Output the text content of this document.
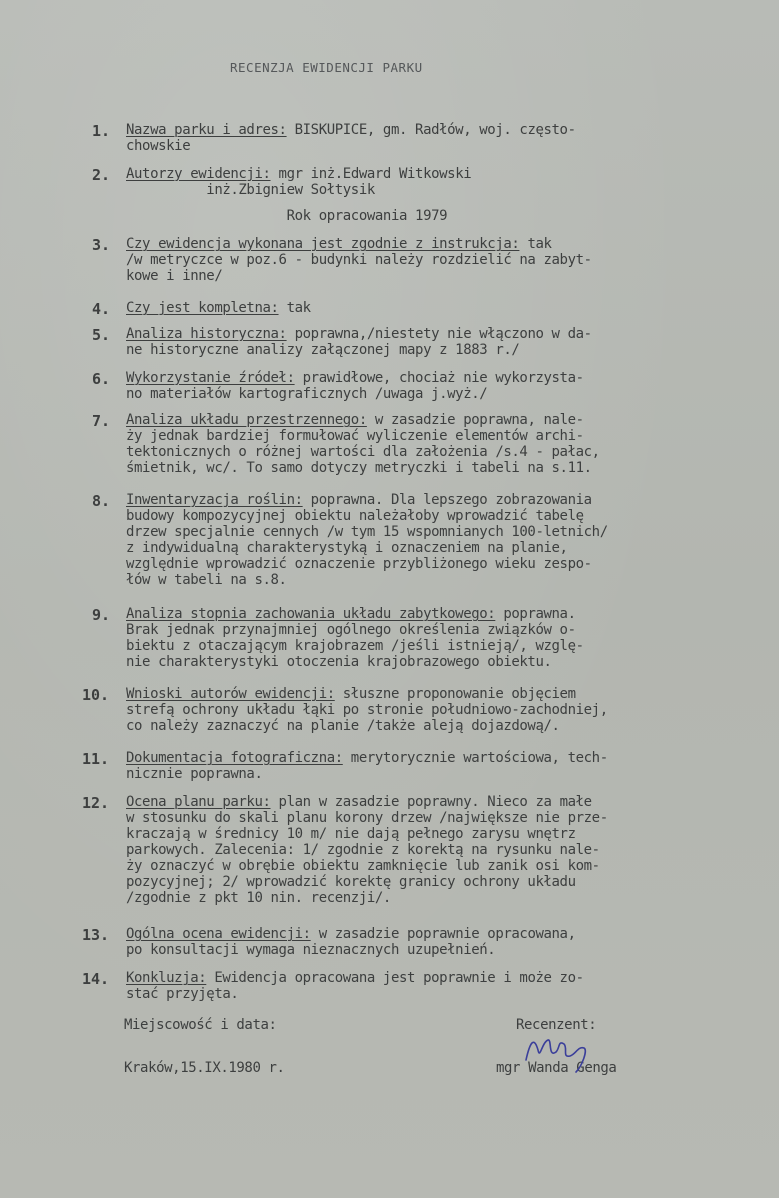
RECENZJA EWIDENCJI PARKU
1. Nazwa parku i adres: BISKUPICE, gm. Radłów, woj. często-
chowskie
2. Autorzy ewidencji: mgr inż.Edward Witkowski
inż.Zbigniew Sołtysik
Rok opracowania 1979
3. Czy ewidencja wykonana jest zgodnie z instrukcja: tak
/w metryczce w poz.6 - budynki należy rozdzielić na zabyt-
kowe i inne/
4. Czy jest kompletna: tak
5. Analiza historyczna: poprawna,/niestety nie włączono w da-
ne historyczne analizy załączonej mapy z 1883 r./
6. Wykorzystanie źródeł: prawidłowe, chociaż nie wykorzysta-
no materiałów kartograficznych /uwaga j.wyż./
7. Analiza układu przestrzennego: w zasadzie poprawna, nale-
ży jednak bardziej formułować wyliczenie elementów archi-
tektonicznych o różnej wartości dla założenia /s.4 - pałac,
śmietnik, wc/. To samo dotyczy metryczki i tabeli na s.11.
8. Inwentaryzacja roślin: poprawna. Dla lepszego zobrazowania
budowy kompozycyjnej obiektu należałoby wprowadzić tabelę
drzew specjalnie cennych /w tym 15 wspomnianych 100-letnich/
z indywidualną charakterystyką i oznaczeniem na planie,
względnie wprowadzić oznaczenie przybliżonego wieku zespo-
łów w tabeli na s.8.
9. Analiza stopnia zachowania układu zabytkowego: poprawna.
Brak jednak przynajmniej ogólnego określenia związków o-
biektu z otaczającym krajobrazem /jeśli istnieją/, wzglę-
nie charakterystyki otoczenia krajobrazowego obiektu.
10. Wnioski autorów ewidencji: słuszne proponowanie objęciem
strefą ochrony układu łąki po stronie południowo-zachodniej,
co należy zaznaczyć na planie /także aleją dojazdową/.
11. Dokumentacja fotograficzna: merytorycznie wartościowa, tech-
nicznie poprawna.
12. Ocena planu parku: plan w zasadzie poprawny. Nieco za małe
w stosunku do skali planu korony drzew /największe nie prze-
kraczają w średnicy 10 m/ nie dają pełnego zarysu wnętrz
parkowych. Zalecenia: 1/ zgodnie z korektą na rysunku nale-
ży oznaczyć w obrębie obiektu zamknięcie lub zanik osi kom-
pozycyjnej; 2/ wprowadzić korektę granicy ochrony układu
/zgodnie z pkt 10 nin. recenzji/.
13. Ogólna ocena ewidencji: w zasadzie poprawnie opracowana,
po konsultacji wymaga nieznacznych uzupełnień.
14. Konkluzja: Ewidencja opracowana jest poprawnie i może zo-
stać przyjęta.
Miejscowość i data:	Recenzent:
Kraków,15.IX.1980 r.	mgr Wanda Genga
